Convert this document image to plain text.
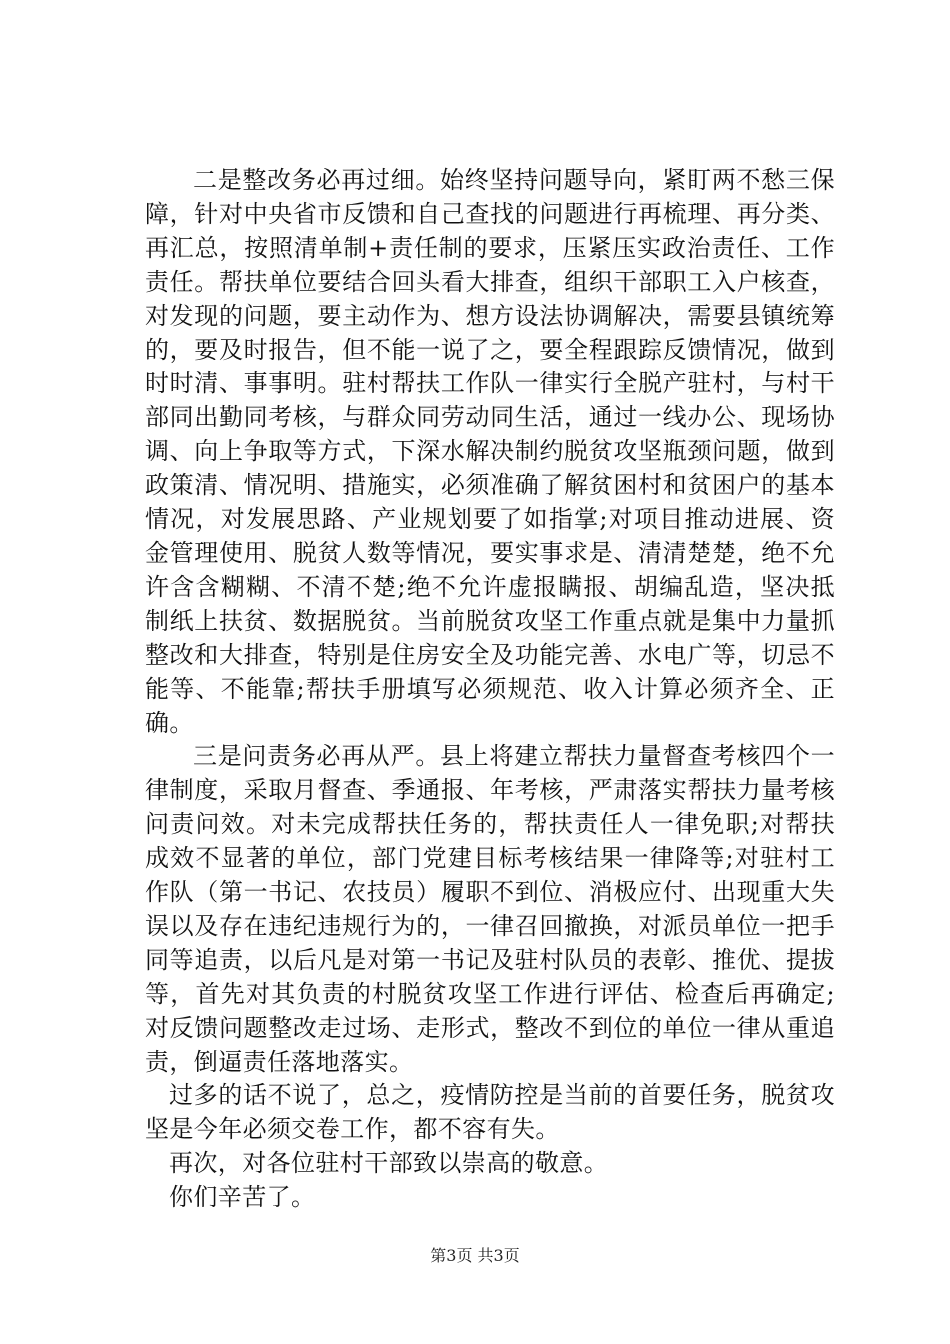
二是整改务必再过细。始终坚持问题导向，紧盯两不愁三保障，针对中央省市反馈和自己查找的问题进行再梳理、再分类、再汇总，按照清单制+责任制的要求，压紧压实政治责任、工作责任。帮扶单位要结合回头看大排查，组织干部职工入户核查，对发现的问题，要主动作为、想方设法协调解决，需要县镇统筹的，要及时报告，但不能一说了之，要全程跟踪反馈情况，做到时时清、事事明。驻村帮扶工作队一律实行全脱产驻村，与村干部同出勤同考核，与群众同劳动同生活，通过一线办公、现场协调、向上争取等方式，下深水解决制约脱贫攻坚瓶颈问题，做到政策清、情况明、措施实，必须准确了解贫困村和贫困户的基本情况，对发展思路、产业规划要了如指掌;对项目推动进展、资金管理使用、脱贫人数等情况，要实事求是、清清楚楚，绝不允许含含糊糊、不清不楚;绝不允许虚报瞒报、胡编乱造，坚决抵制纸上扶贫、数据脱贫。当前脱贫攻坚工作重点就是集中力量抓整改和大排查，特别是住房安全及功能完善、水电广等，切忌不能等、不能靠;帮扶手册填写必须规范、收入计算必须齐全、正确。

三是问责务必再从严。县上将建立帮扶力量督查考核四个一律制度，采取月督查、季通报、年考核，严肃落实帮扶力量考核问责问效。对未完成帮扶任务的，帮扶责任人一律免职;对帮扶成效不显著的单位，部门党建目标考核结果一律降等;对驻村工作队（第一书记、农技员）履职不到位、消极应付、出现重大失误以及存在违纪违规行为的，一律召回撤换，对派员单位一把手同等追责，以后凡是对第一书记及驻村队员的表彰、推优、提拔等，首先对其负责的村脱贫攻坚工作进行评估、检查后再确定;对反馈问题整改走过场、走形式，整改不到位的单位一律从重追责，倒逼责任落地落实。

过多的话不说了，总之，疫情防控是当前的首要任务，脱贫攻坚是今年必须交卷工作，都不容有失。

再次，对各位驻村干部致以崇高的敬意。

你们辛苦了。

第3页 共3页
